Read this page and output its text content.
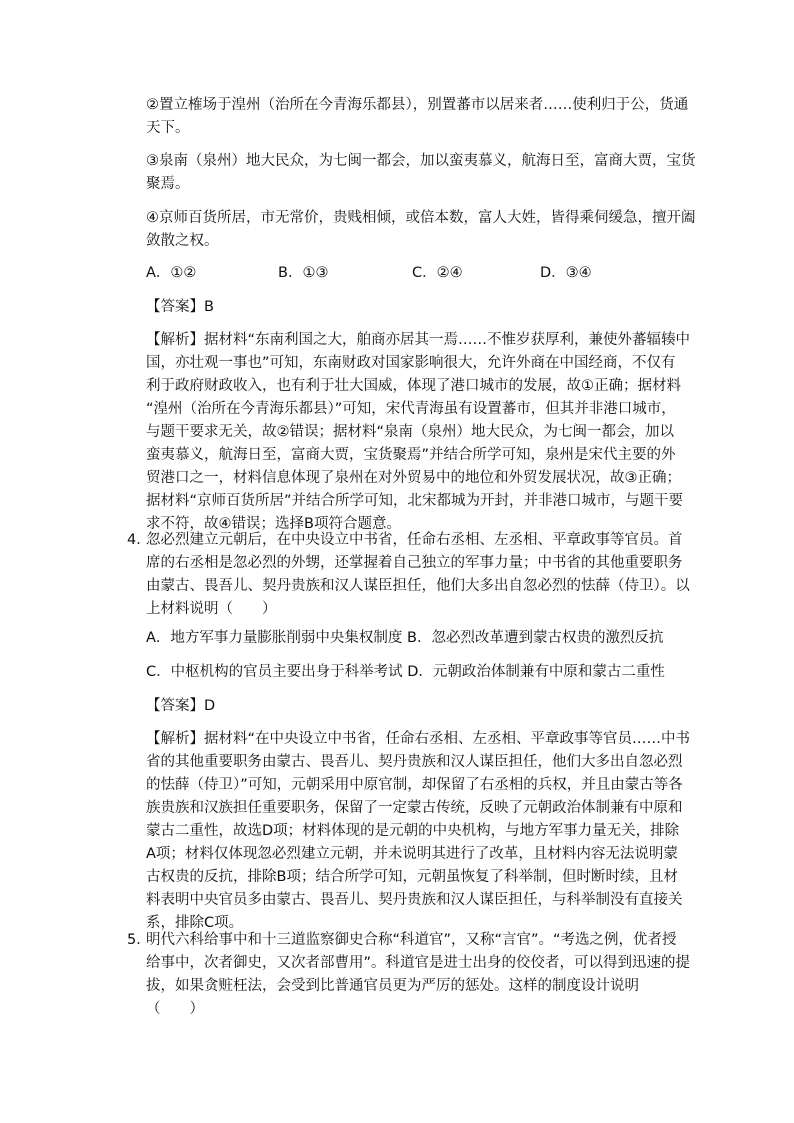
②置立榷场于湟州（治所在今青海乐都县），别置蕃市以居来者……使利归于公，货通
天下。
③泉南（泉州）地大民众，为七闽一都会，加以蛮夷慕义，航海日至，富商大贾，宝货
聚焉。
④京师百货所居，市无常价，贵贱相倾，或倍本数，富人大姓，皆得乘伺缓急，擅开阖
敛散之权。
A．①②	B．①③	C．②④	D．③④
【答案】B
【解析】据材料“东南利国之大，舶商亦居其一焉……不惟岁获厚利，兼使外蕃辐辏中
国，亦壮观一事也”可知，东南财政对国家影响很大，允许外商在中国经商，不仅有
利于政府财政收入，也有利于壮大国威，体现了港口城市的发展，故①正确；据材料
“湟州（治所在今青海乐都县）”可知，宋代青海虽有设置蕃市，但其并非港口城市，
与题干要求无关，故②错误；据材料“泉南（泉州）地大民众，为七闽一都会，加以
蛮夷慕义，航海日至，富商大贾，宝货聚焉”并结合所学可知，泉州是宋代主要的外
贸港口之一，材料信息体现了泉州在对外贸易中的地位和外贸发展状况，故③正确；
据材料“京师百货所居”并结合所学可知，北宋都城为开封，并非港口城市，与题干要
求不符，故④错误；选择B项符合题意。
4．
忽必烈建立元朝后，在中央设立中书省，任命右丞相、左丞相、平章政事等官员。首
席的右丞相是忽必烈的外甥，还掌握着自己独立的军事力量；中书省的其他重要职务
由蒙古、畏吾儿、契丹贵族和汉人谋臣担任，他们大多出自忽必烈的怯薛（侍卫）。以
上材料说明（　　）
A．地方军事力量膨胀削弱中央集权制度 B．忽必烈改革遭到蒙古权贵的激烈反抗
C．中枢机构的官员主要出身于科举考试 D．元朝政治体制兼有中原和蒙古二重性
【答案】D
【解析】据材料“在中央设立中书省，任命右丞相、左丞相、平章政事等官员……中书
省的其他重要职务由蒙古、畏吾儿、契丹贵族和汉人谋臣担任，他们大多出自忽必烈
的怯薛（侍卫）”可知，元朝采用中原官制，却保留了右丞相的兵权，并且由蒙古等各
族贵族和汉族担任重要职务，保留了一定蒙古传统，反映了元朝政治体制兼有中原和
蒙古二重性，故选D项；材料体现的是元朝的中央机构，与地方军事力量无关，排除
A项；材料仅体现忽必烈建立元朝，并未说明其进行了改革，且材料内容无法说明蒙
古权贵的反抗，排除B项；结合所学可知，元朝虽恢复了科举制，但时断时续，且材
料表明中央官员多由蒙古、畏吾儿、契丹贵族和汉人谋臣担任，与科举制没有直接关
系，排除C项。
5．
明代六科给事中和十三道监察御史合称“科道官”，又称“言官”。“考选之例，优者授
给事中，次者御史，又次者部曹用”。科道官是进士出身的佼佼者，可以得到迅速的提
拔，如果贪赃枉法，会受到比普通官员更为严厉的惩处。这样的制度设计说明
（　　）
